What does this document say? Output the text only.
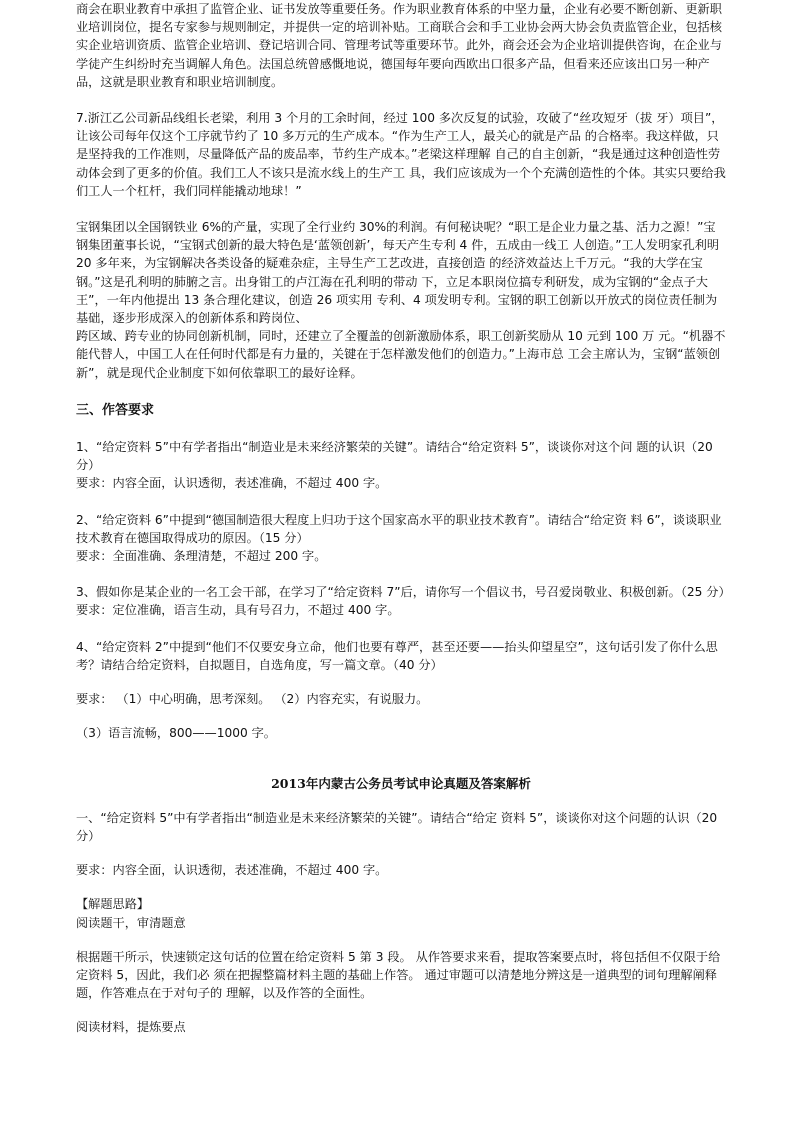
商会在职业教育中承担了监管企业、证书发放等重要任务。作为职业教育体系的中坚力量，企业有必要不断创新、更新职业培训岗位，提名专家参与规则制定，并提供一定的培训补贴。工商联合会和手工业协会两大协会负责监管企业，包括核实企业培训资质、监管企业培训、登记培训合同、管理考试等重要环节。此外，商会还会为企业培训提供咨询，在企业与学徒产生纠纷时充当调解人角色。法国总统曾感慨地说，德国每年要向西欧出口很多产品，但看来还应该出口另一种产品，这就是职业教育和职业培训制度。

7.浙江乙公司新品线组长老梁，利用 3 个月的工余时间，经过 100 多次反复的试验，攻破了“丝攻短牙（拔 牙）项目”，让该公司每年仅这个工序就节约了 10 多万元的生产成本。“作为生产工人，最关心的就是产品 的合格率。我这样做，只是坚持我的工作准则，尽量降低产品的废品率，节约生产成本。”老梁这样理解 自己的自主创新，“我是通过这种创造性劳动体会到了更多的价值。我们工人不该只是流水线上的生产工 具，我们应该成为一个个充满创造性的个体。其实只要给我们工人一个杠杆，我们同样能撬动地球！”

宝钢集团以全国钢铁业 6%的产量，实现了全行业约 30%的利润。有何秘诀呢？“职工是企业力量之基、活力之源！”宝钢集团董事长说，“宝钢式创新的最大特色是‘蓝领创新’，每天产生专利 4 件，五成由一线工 人创造。”工人发明家孔利明 20 多年来，为宝钢解决各类设备的疑难杂症，主导生产工艺改进，直接创造 的经济效益达上千万元。“我的大学在宝钢。”这是孔利明的肺腑之言。出身钳工的卢江海在孔利明的带动 下，立足本职岗位搞专利研发，成为宝钢的“金点子大王”，一年内他提出 13 条合理化建议，创造 26 项实用 专利、4 项发明专利。宝钢的职工创新以开放式的岗位责任制为基础，逐步形成深入的创新体系和跨岗位、

跨区域、跨专业的协同创新机制，同时，还建立了全覆盖的创新激励体系，职工创新奖励从 10 元到 100 万 元。“机器不能代替人，中国工人在任何时代都是有力量的，关键在于怎样激发他们的创造力。”上海市总 工会主席认为，宝钢“蓝领创新”，就是现代企业制度下如何依靠职工的最好诠释。

三、作答要求

1、“给定资料 5”中有学者指出“制造业是未来经济繁荣的关键”。请结合“给定资料 5”，谈谈你对这个问 题的认识（20 分）

要求：内容全面，认识透彻，表述准确，不超过 400 字。

2、“给定资料 6”中提到“德国制造很大程度上归功于这个国家高水平的职业技术教育”。请结合“给定资 料 6”，谈谈职业技术教育在德国取得成功的原因。（15 分）

要求：全面准确、条理清楚，不超过 200 字。

3、假如你是某企业的一名工会干部，在学习了“给定资料 7”后，请你写一个倡议书，号召爱岗敬业、积极创新。（25 分）

要求：定位准确，语言生动，具有号召力，不超过 400 字。

4、“给定资料 2”中提到“他们不仅要安身立命，他们也要有尊严，甚至还要——抬头仰望星空”，这句话引发了你什么思考？请结合给定资料，自拟题目，自选角度，写一篇文章。（40 分）

要求： （1）中心明确，思考深刻。 （2）内容充实，有说服力。

（3）语言流畅，800——1000 字。

2013年内蒙古公务员考试申论真题及答案解析

一、“给定资料 5”中有学者指出“制造业是未来经济繁荣的关键”。请结合“给定 资料 5”，谈谈你对这个问题的认识（20 分）

要求：内容全面，认识透彻，表述准确，不超过 400 字。

【解题思路】

阅读题干，审清题意

根据题干所示，快速锁定这句话的位置在给定资料 5 第 3 段。 从作答要求来看，提取答案要点时，将包括但不仅限于给定资料 5，因此，我们必 须在把握整篇材料主题的基础上作答。 通过审题可以清楚地分辨这是一道典型的词句理解阐释题，作答难点在于对句子的 理解，以及作答的全面性。

阅读材料，提炼要点
